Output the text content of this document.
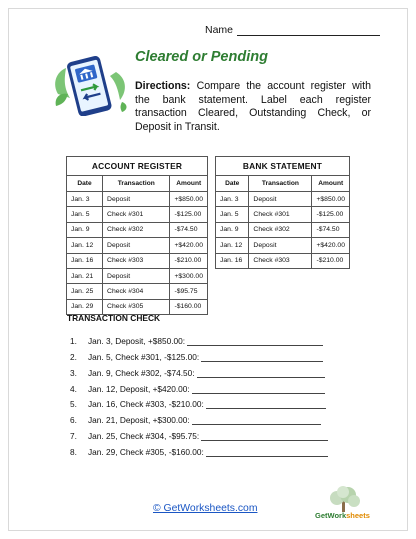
Name
Cleared or Pending
Directions: Compare the account register with the bank statement. Label each register transaction Cleared, Outstanding Check, or Deposit in Transit.
ACCOUNT REGISTER		
Date	Transaction	Amount
Jan. 3	Deposit	+$850.00
Jan. 5	Check #301	-$125.00
Jan. 9	Check #302	-$74.50
Jan. 12	Deposit	+$420.00
Jan. 16	Check #303	-$210.00
Jan. 21	Deposit	+$300.00
Jan. 25	Check #304	-$95.75
Jan. 29	Check #305	-$160.00
BANK STATEMENT		
Date	Transaction	Amount
Jan. 3	Deposit	+$850.00
Jan. 5	Check #301	-$125.00
Jan. 9	Check #302	-$74.50
Jan. 12	Deposit	+$420.00
Jan. 16	Check #303	-$210.00
TRANSACTION CHECK
1.	Jan. 3, Deposit, +$850.00:
2.	Jan. 5, Check #301, -$125.00:
3.	Jan. 9, Check #302, -$74.50:
4.	Jan. 12, Deposit, +$420.00:
5.	Jan. 16, Check #303, -$210.00:
6.	Jan. 21, Deposit, +$300.00:
7.	Jan. 25, Check #304, -$95.75:
8.	Jan. 29, Check #305, -$160.00:
© GetWorksheets.com
GetWorksheets
